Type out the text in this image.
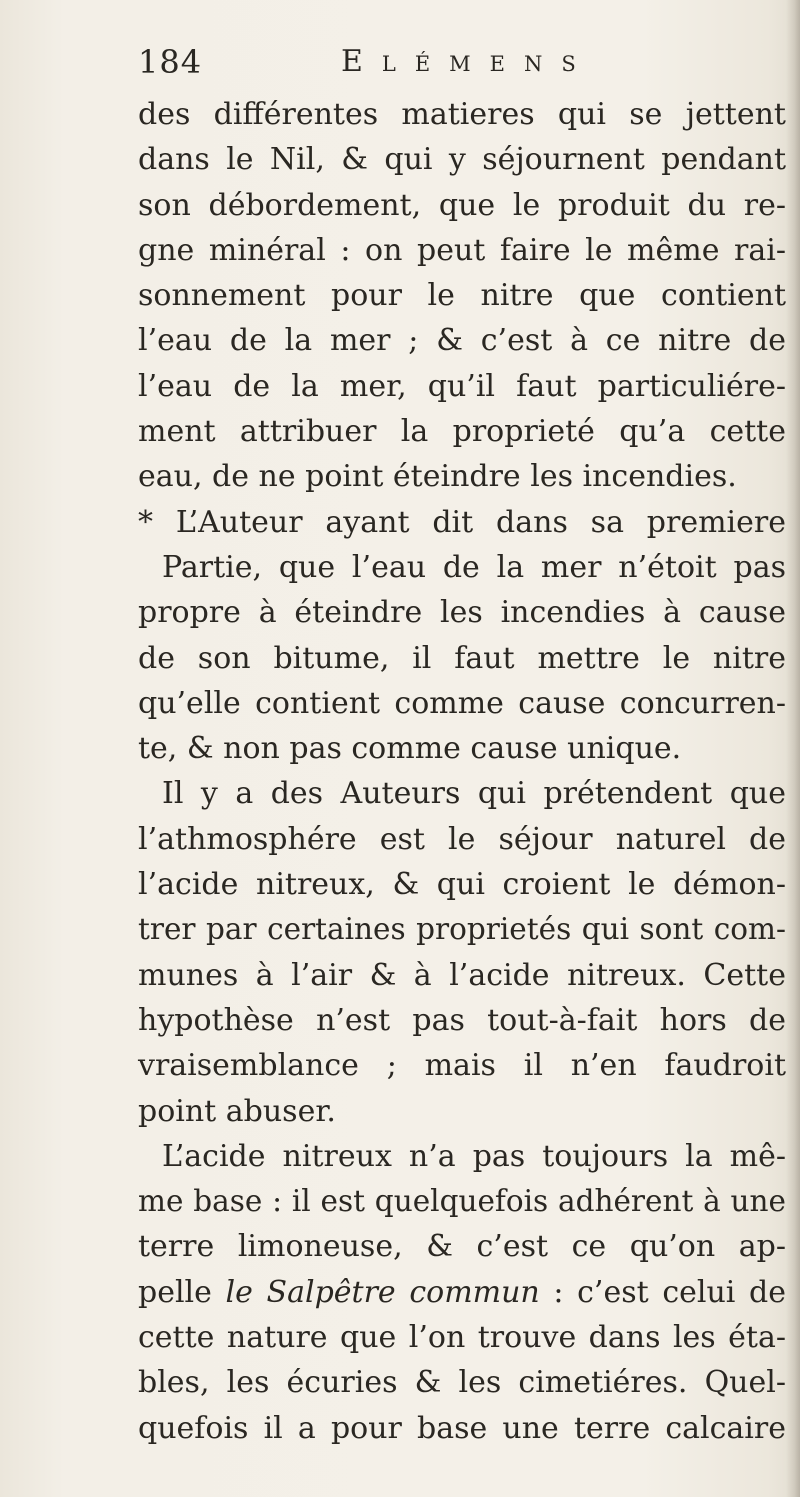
184	Elémens
des différentes matieres qui se jettent
dans le Nil, & qui y séjournent pendant
son débordement, que le produit du re-
gne minéral : on peut faire le même rai-
sonnement pour le nitre que contient
l’eau de la mer ; & c’est à ce nitre de
l’eau de la mer, qu’il faut particuliére-
ment attribuer la proprieté qu’a cette
eau, de ne point éteindre les incendies.
* L’Auteur ayant dit dans sa premiere
Partie, que l’eau de la mer n’étoit pas
propre à éteindre les incendies à cause
de son bitume, il faut mettre le nitre
qu’elle contient comme cause concurren-
te, & non pas comme cause unique.
Il y a des Auteurs qui prétendent que
l’athmosphére est le séjour naturel de
l’acide nitreux, & qui croient le démon-
trer par certaines proprietés qui sont com-
munes à l’air & à l’acide nitreux. Cette
hypothèse n’est pas tout-à-fait hors de
vraisemblance ; mais il n’en faudroit
point abuser.
L’acide nitreux n’a pas toujours la mê-
me base : il est quelquefois adhérent à une
terre limoneuse, & c’est ce qu’on ap-
pelle le Salpêtre commun : c’est celui de
cette nature que l’on trouve dans les éta-
bles, les écuries & les cimetiéres. Quel-
quefois il a pour base une terre calcaire
